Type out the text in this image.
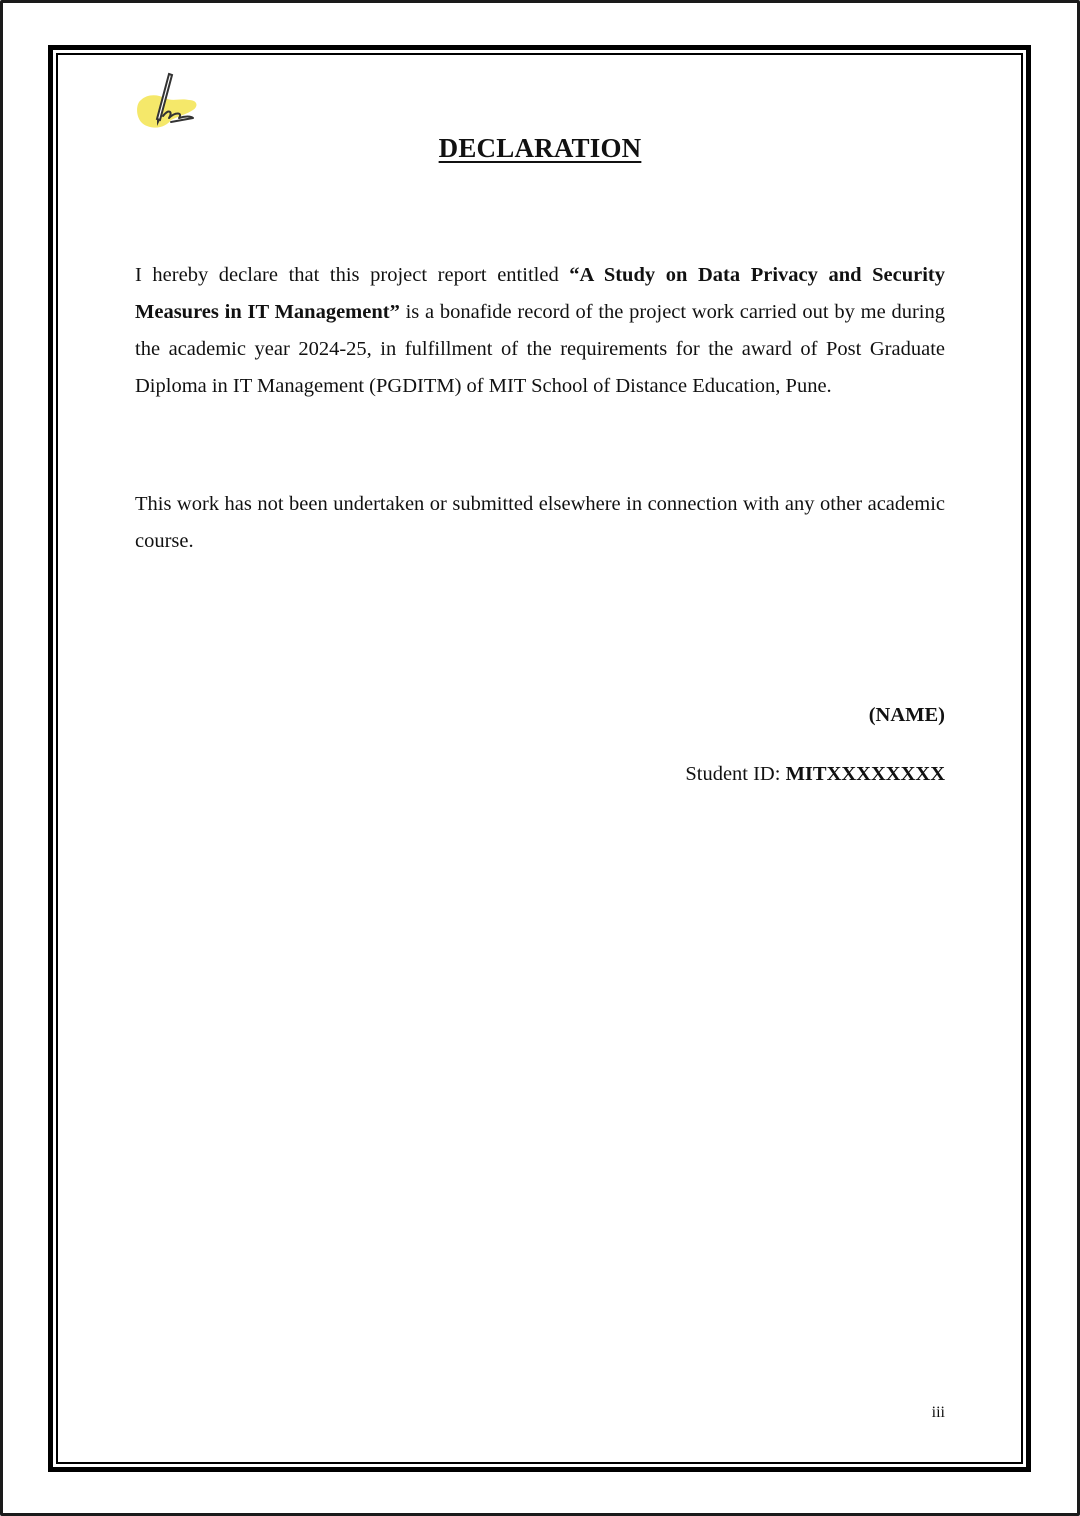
DECLARATION

I hereby declare that this project report entitled “A Study on Data Privacy and Security Measures in IT Management” is a bonafide record of the project work carried out by me during the academic year 2024-25, in fulfillment of the requirements for the award of Post Graduate Diploma in IT Management (PGDITM) of MIT School of Distance Education, Pune.

This work has not been undertaken or submitted elsewhere in connection with any other academic course.

(NAME)
Student ID: MITXXXXXXXX
iii
